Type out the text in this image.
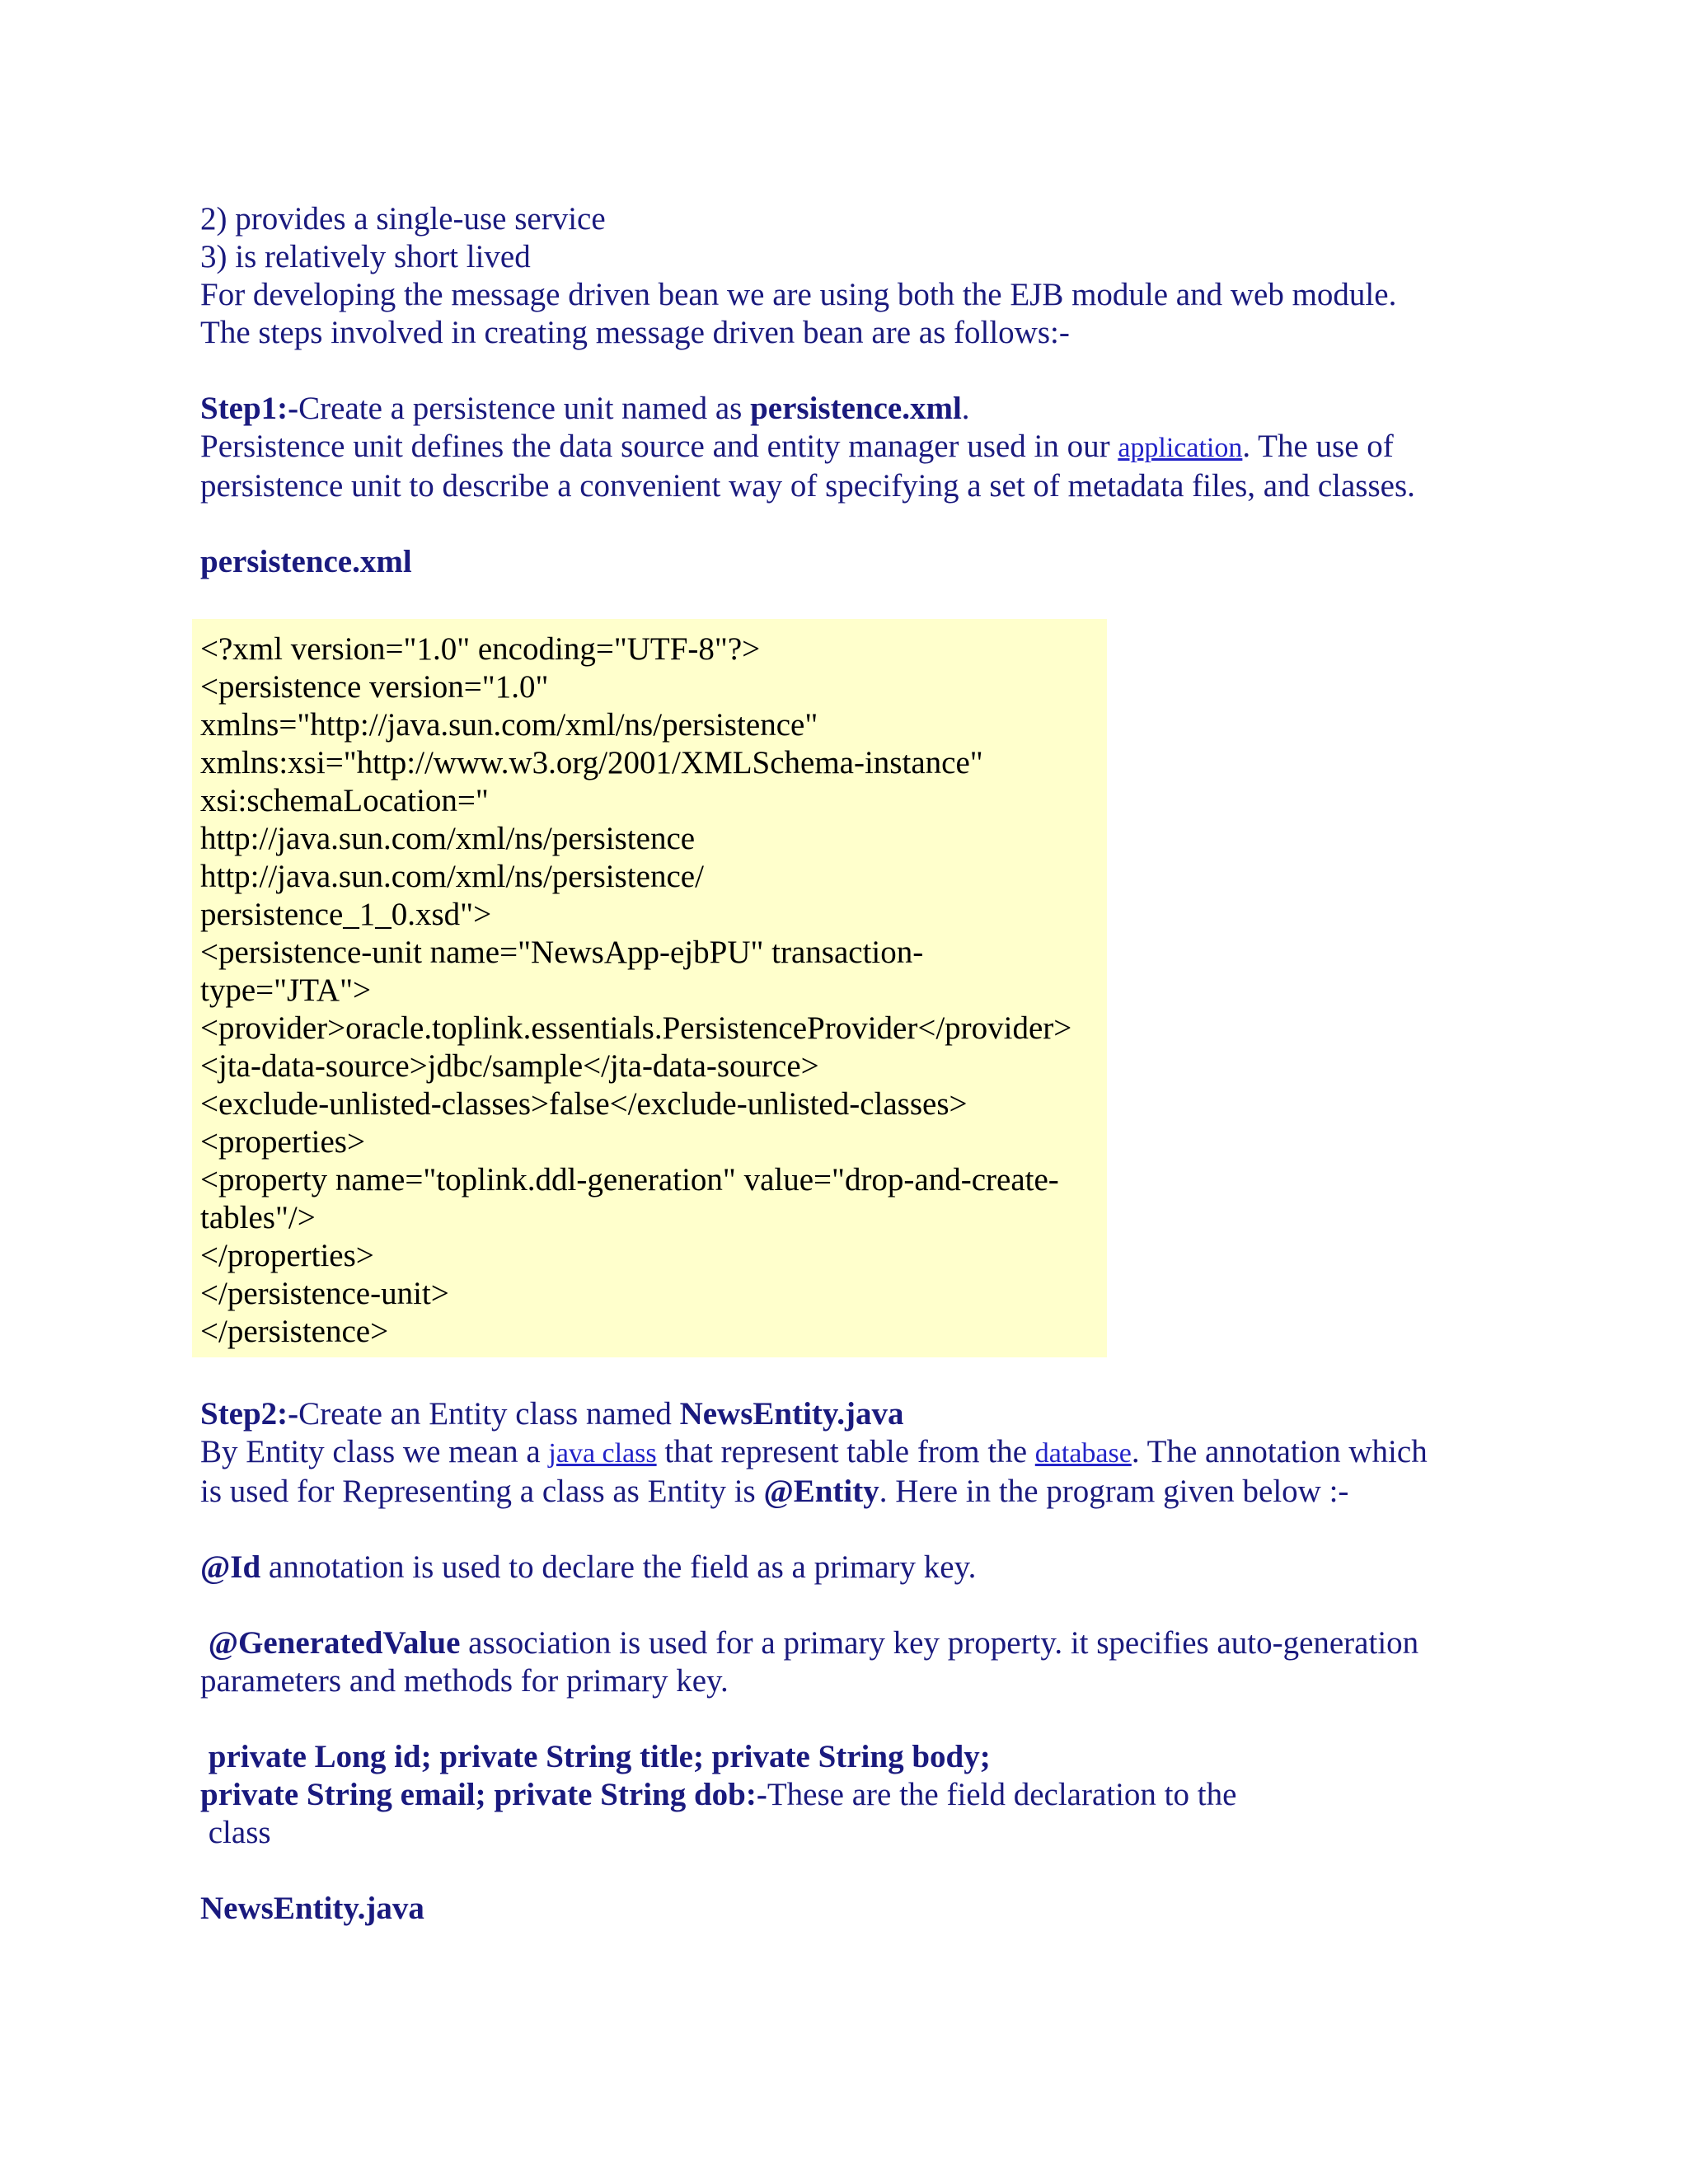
2) provides a single-use service

3) is relatively short lived

For developing the message driven bean we are using both the EJB module and web module.

The steps involved in creating message driven bean are as follows:-

Step1:-Create a persistence unit named as persistence.xml.

Persistence unit defines the data source and entity manager used in our application. The use of

persistence unit to describe a convenient way of specifying a set of metadata files, and classes.

persistence.xml

<?xml version="1.0" encoding="UTF-8"?>

<persistence version="1.0"

xmlns="http://java.sun.com/xml/ns/persistence"

xmlns:xsi="http://www.w3.org/2001/XMLSchema-instance"

xsi:schemaLocation="

http://java.sun.com/xml/ns/persistence

http://java.sun.com/xml/ns/persistence/

persistence_1_0.xsd">

<persistence-unit name="NewsApp-ejbPU" transaction-

type="JTA">

<provider>oracle.toplink.essentials.PersistenceProvider</provider>

<jta-data-source>jdbc/sample</jta-data-source>

<exclude-unlisted-classes>false</exclude-unlisted-classes>

<properties>

<property name="toplink.ddl-generation" value="drop-and-create-

tables"/>

</properties>

</persistence-unit>

</persistence>

Step2:-Create an Entity class named NewsEntity.java

By Entity class we mean a java class that represent table from the database. The annotation which

is used for Representing a class as Entity is @Entity. Here in the program given below :-

@Id annotation is used to declare the field as a primary key.

@GeneratedValue association is used for a primary key property. it specifies auto-generation

parameters and methods for primary key.

private Long id; private String title; private String body;

private String email; private String dob:-These are the field declaration to the

class

NewsEntity.java
